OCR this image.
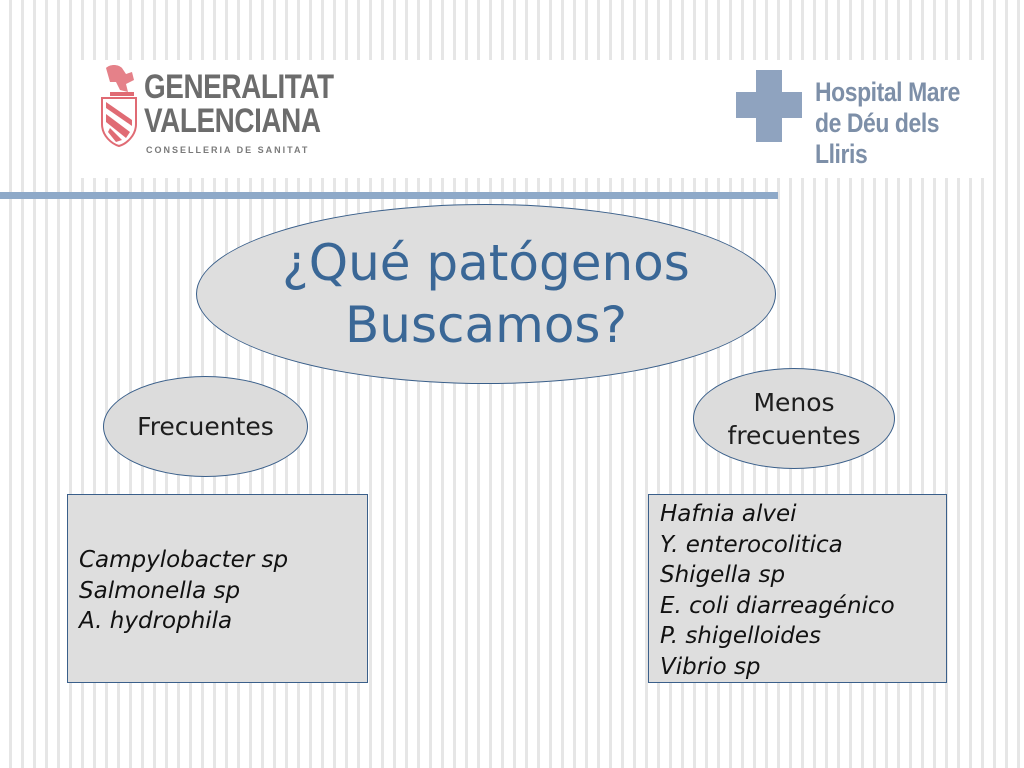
GENERALITAT
VALENCIANA
CONSELLERIA DE SANITAT
Hospital Mare de Déu dels Lliris
¿Qué patógenos Buscamos?
Frecuentes
Menos frecuentes
Campylobacter sp
Salmonella sp
A. hydrophila
Hafnia alvei
Y. enterocolitica
Shigella sp
E. coli diarreagénico
P. shigelloides
Vibrio sp
